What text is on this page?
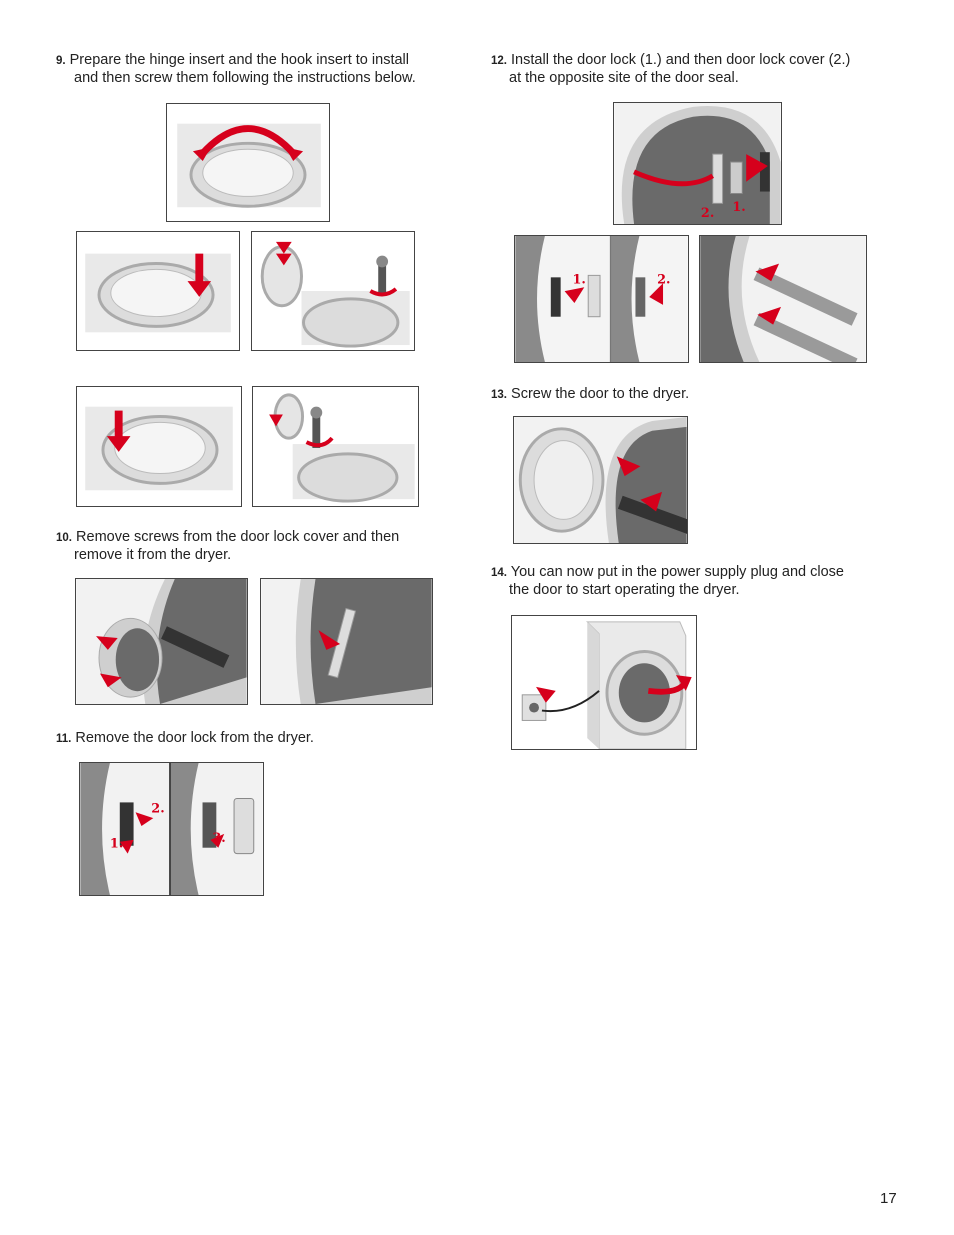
9. Prepare the hinge insert and the hook insert to install
and then screw them following the instructions below.
10. Remove screws from the door lock cover and then
remove it from the dryer.
11. Remove the door lock from the dryer.
2.
1.	3.
12. Install the door lock (1.) and then door lock cover (2.)
at the opposite site of the door seal.
2. 1.
1.	2.
13. Screw the door to the dryer.
14. You can now put in the power supply plug and close
the door to start operating the dryer.
17
